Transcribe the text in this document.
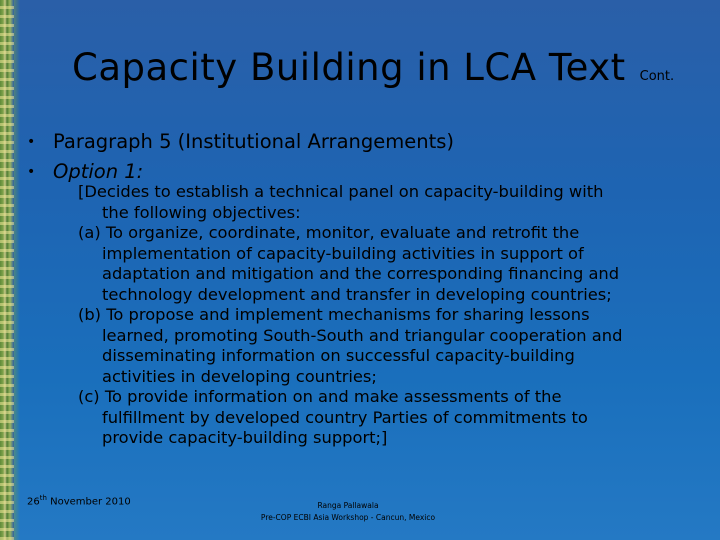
Capacity Building in LCA Text Cont.
• Paragraph 5 (Institutional Arrangements)
• Option 1:

[Decides to establish a technical panel on capacity-building with
the following objectives:

(a) To organize, coordinate, monitor, evaluate and retrofit the
implementation of capacity-building activities in support of
adaptation and mitigation and the corresponding financing and
technology development and transfer in developing countries;

(b) To propose and implement mechanisms for sharing lessons
learned, promoting South-South and triangular cooperation and
disseminating information on successful capacity-building
activities in developing countries;

(c) To provide information on and make assessments of the
fulfillment by developed country Parties of commitments to
provide capacity-building support;]

26th November 2010	Ranga Pallawala
Pre-COP ECBI Asia Workshop - Cancun, Mexico
